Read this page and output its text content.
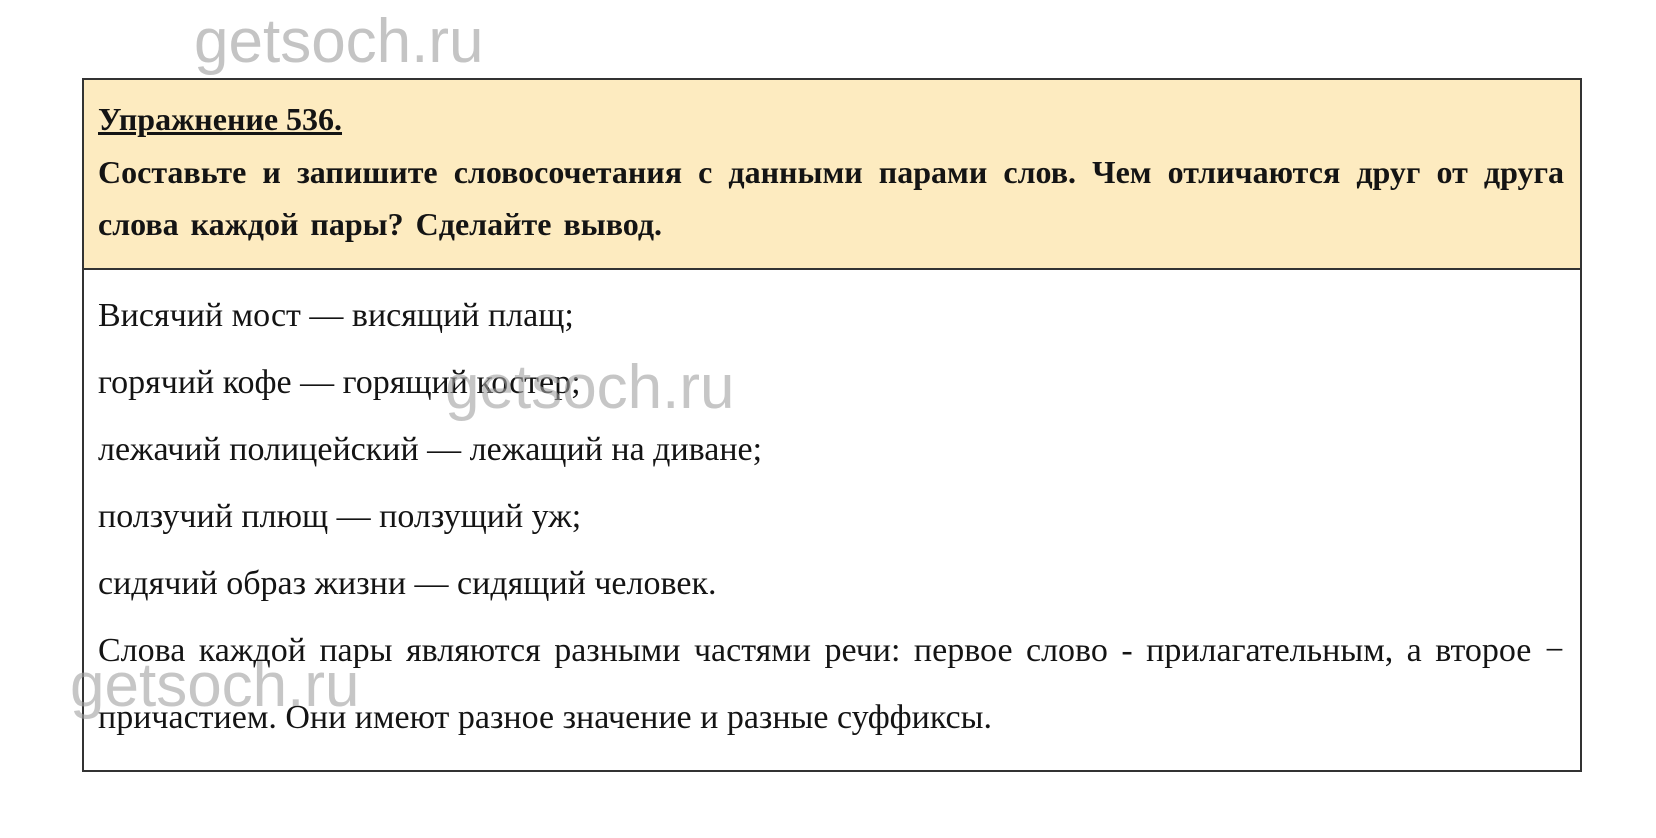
getsoch.ru

Упражнение 536.

Составьте и запишите словосочетания с данными парами слов. Чем отличаются друг от друга слова каждой пары? Сделайте вывод.

Висячий мост — висящий плащ;

горячий кофе — горящий костер;

лежачий полицейский — лежащий на диване;

ползучий плющ — ползущий уж;

сидячий образ жизни — сидящий человек.

Слова каждой пары являются разными частями речи: первое слово - прилагательным, а второе − причастием. Они имеют разное значение и разные суффиксы.

getsoch.ru
getsoch.ru
